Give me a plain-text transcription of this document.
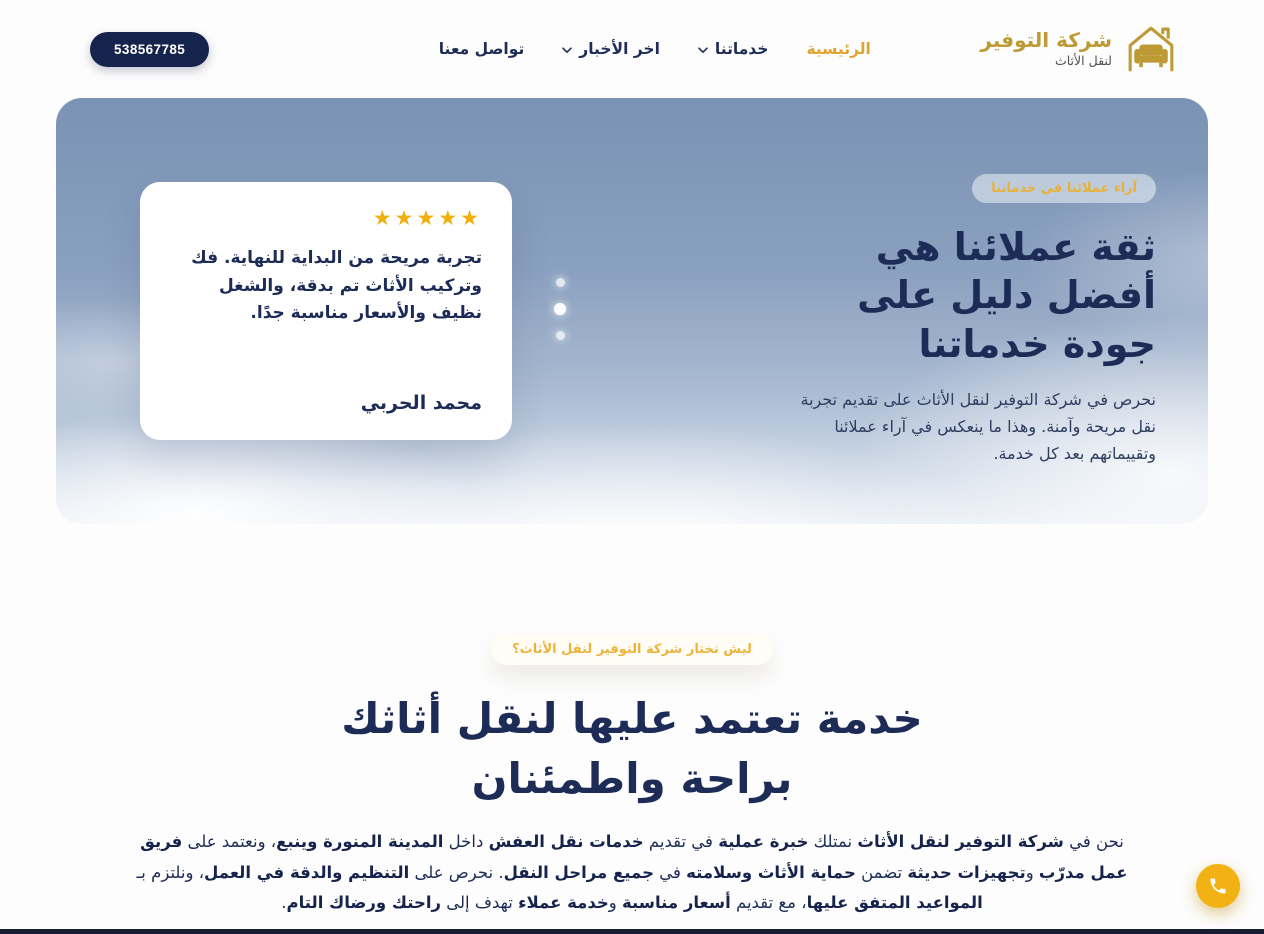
شركة التوفير
لنقل الأثاث
الرئيسية
خدماتنا
اخر الأخبار
تواصل معنا
538567785
آراء عملائنا في خدماتنا
ثقة عملائنا هي أفضل دليل على جودة خدماتنا

نحرص في شركة التوفير لنقل الأثاث على تقديم تجربة نقل مريحة وآمنة. وهذا ما ينعكس في آراء عملائنا وتقييماتهم بعد كل خدمة.

★★★★★

تجربة مريحة من البداية للنهاية. فك وتركيب الأثاث تم بدقة، والشغل نظيف والأسعار مناسبة جدًا.

محمد الحربي
ليش تختار شركة التوفير لنقل الأثاث؟
خدمة تعتمد عليها لنقل أثاثك براحة واطمئنان

نحن في شركة التوفير لنقل الأثاث نمتلك خبرة عملية في تقديم خدمات نقل العفش داخل المدينة المنورة وينبع، ونعتمد على فريق عمل مدرّب وتجهيزات حديثة تضمن حماية الأثاث وسلامته في جميع مراحل النقل. نحرص على التنظيم والدقة في العمل، ونلتزم بـ المواعيد المتفق عليها، مع تقديم أسعار مناسبة وخدمة عملاء تهدف إلى راحتك ورضاك التام.
